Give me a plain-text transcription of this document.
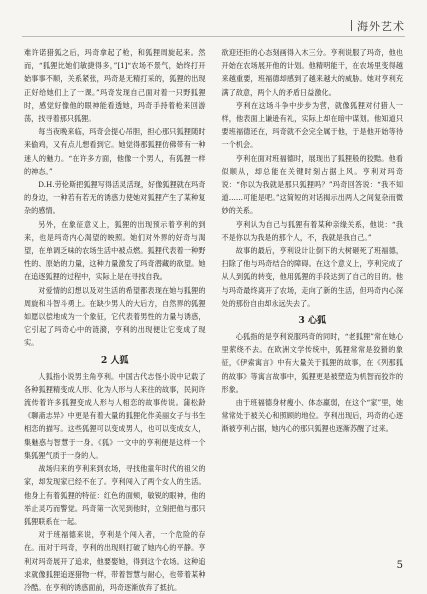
海外艺术

难许诺猎狐之后，玛奇拿起了枪，和狐狸周旋起来。然而，“狐狸比她们敏捷得多，”[1]“农场不景气，始终打开始事事不顺，关系紧张，玛奇是无精打采的，狐狸的出现正好给她们上了一课。”玛奇发现自己面对着一只野狐狸时，感觉好像他的眼神能看透她，玛奇手持着枪来回游荡，找寻着那只狐狸。

每当夜晚来临，玛奇会提心吊胆，担心那只狐狸随时来偷鸡，又有点儿想看到它。她觉得那狐狸仿佛带有一种迷人的魅力。“在许多方面，他像一个男人，有狐狸一样的神态。”

D.H.劳伦斯把狐狸写得活灵活现，好像狐狸就在玛奇的身边，一种若有若无的诱惑力使她对狐狸产生了某种复杂的感情。

另外，在象征意义上，狐狸的出现预示着亨利的到来，也是玛奇内心渴望的映照。她们对外界的好奇与渴望，在单调乏味的农场生活中被点燃。狐狸代表着一种野性的、原始的力量，这种力量激发了玛奇潜藏的欲望。她在追逐狐狸的过程中，实际上是在寻找自我。

对爱情的幻想以及对生活的希望都表现在她与狐狸的周旋和斗智斗勇上。在缺少男人的大后方，自然界的狐狸如愿以偿地成为一个象征，它代表着男性的力量与诱惑，它引起了玛奇心中的涟漪，亨利的出现便让它变成了现实。

2 人狐

人狐指小说男主角亨利。中国古代志怪小说中记载了各种狐狸精变成人形、化为人形与人来往的故事，民间许流传着许多狐狸变成人形与人相恋的故事传说。蒲松龄《聊斋志异》中更是有着大量的狐狸化作美丽女子与书生相恋的描写。这些狐狸可以变成男人，也可以变成女人，集魅惑与智慧于一身。《狐》一文中的亨利便是这样一个集狐狸气质于一身的人。

战场归来的亨利来到农场，寻找他童年时代的祖父的家，却发现家已经不在了。亨利闯入了两个女人的生活。他身上有着狐狸的特征：红色的面颊，敏锐的眼神，他的举止灵巧而警觉。玛奇第一次见到他时，立刻把他与那只狐狸联系在一起。

对于班福德来说，亨利是个闯入者，一个危险的存在。而对于玛奇，亨利的出现则打破了她内心的平静。亨利对玛奇展开了追求，他要娶她，得到这个农场。这种追求就像狐狸追逐猎物一样，带着智慧与耐心，也带着某种冷酷。在亨利的诱惑面前，玛奇逐渐放弃了抵抗。

欲迎还拒的心态刻画得入木三分。亨利说服了玛奇，他也开始在农场展开他的计划。他精明能干，在农场里变得越来越重要，班福德却感到了越来越大的威胁。她对亨利充满了敌意，两个人的矛盾日益激化。

亨利在这场斗争中步步为营，就像狐狸对付猎人一样，他表面上谦逊有礼，实际上却在暗中谋划。他知道只要班福德还在，玛奇就不会完全属于他，于是他开始等待一个机会。

亨利在面对班福德时，展现出了狐狸般的狡黠。他看似顺从，却总能在关键时刻占据上风。亨利对玛奇说：“你以为我就是那只狐狸吗？”玛奇回答说：“我不知道……可能是吧。”这简短的对话揭示出两人之间复杂而微妙的关系。

亨利认为自己与狐狸有着某种亲缘关系，他说：“我不是你以为我是的那个人，不，我就是我自己。”

故事的最后，亨利设计让倒下的大树砸死了班福德，扫除了他与玛奇结合的障碍。在这个意义上，亨利完成了从人到狐的转变，他用狐狸的手段达到了自己的目的。他与玛奇最终离开了农场，走向了新的生活，但玛奇内心深处的那份自由却永远失去了。

3 心狐

心狐指的是亨利说服玛奇的同时，“老狐狸”常在她心里萦绕不去。在欧洲文学传统中，狐狸常常是狡猾的象征，《伊索寓言》中有大量关于狐狸的故事，在《列那狐的故事》等寓言故事中，狐狸更是被塑造为机智而狡诈的形象。

由于班福德身材瘦小、体态羸弱，在这个“家”里，她常常处于被关心和照顾的地位。亨利出现后，玛奇的心逐渐被亨利占据，她内心的那只狐狸也逐渐苏醒了过来。

5
